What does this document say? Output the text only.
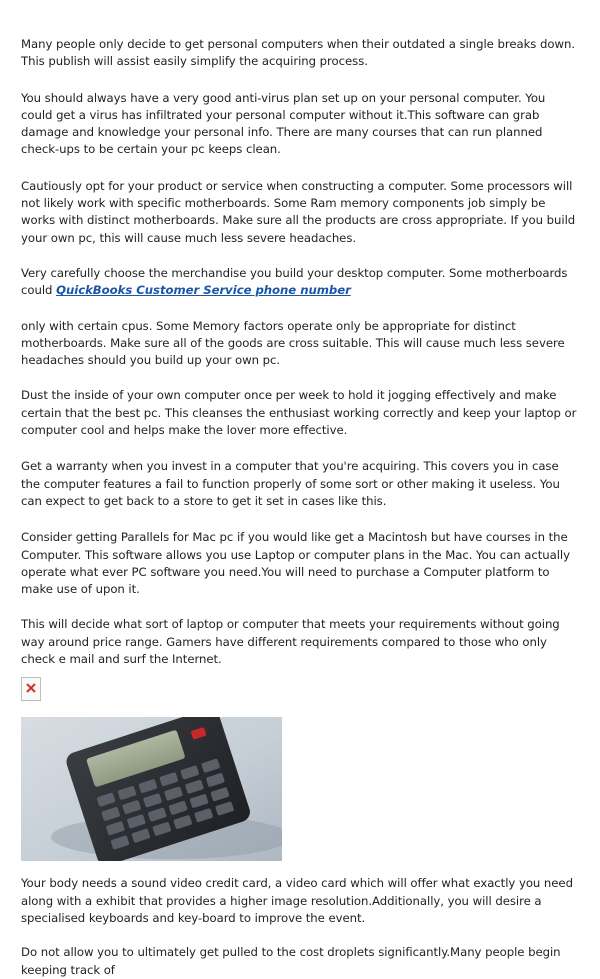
Many people only decide to get personal computers when their outdated a single breaks down. This publish will assist easily simplify the acquiring process.

You should always have a very good anti-virus plan set up on your personal computer. You could get a virus has infiltrated your personal computer without it.This software can grab damage and knowledge your personal info. There are many courses that can run planned check-ups to be certain your pc keeps clean.

Cautiously opt for your product or service when constructing a computer. Some processors will not likely work with specific motherboards. Some Ram memory components job simply be works with distinct motherboards. Make sure all the products are cross appropriate. If you build your own pc, this will cause much less severe headaches.

Very carefully choose the merchandise you build your desktop computer. Some motherboards could QuickBooks Customer Service phone number

only with certain cpus. Some Memory factors operate only be appropriate for distinct motherboards. Make sure all of the goods are cross suitable. This will cause much less severe headaches should you build up your own pc.

Dust the inside of your own computer once per week to hold it jogging effectively and make certain that the best pc. This cleanses the enthusiast working correctly and keep your laptop or computer cool and helps make the lover more effective.

Get a warranty when you invest in a computer that you're acquiring. This covers you in case the computer features a fail to function properly of some sort or other making it useless. You can expect to get back to a store to get it set in cases like this.

Consider getting Parallels for Mac pc if you would like get a Macintosh but have courses in the Computer. This software allows you use Laptop or computer plans in the Mac. You can actually operate what ever PC software you need.You will need to purchase a Computer platform to make use of upon it.

This will decide what sort of laptop or computer that meets your requirements without going way around price range. Gamers have different requirements compared to those who only check e mail and surf the Internet.

Your body needs a sound video credit card, a video card which will offer what exactly you need along with a exhibit that provides a higher image resolution.Additionally, you will desire a specialised keyboards and key-board to improve the event.

Do not allow you to ultimately get pulled to the cost droplets significantly.Many people begin keeping track of
